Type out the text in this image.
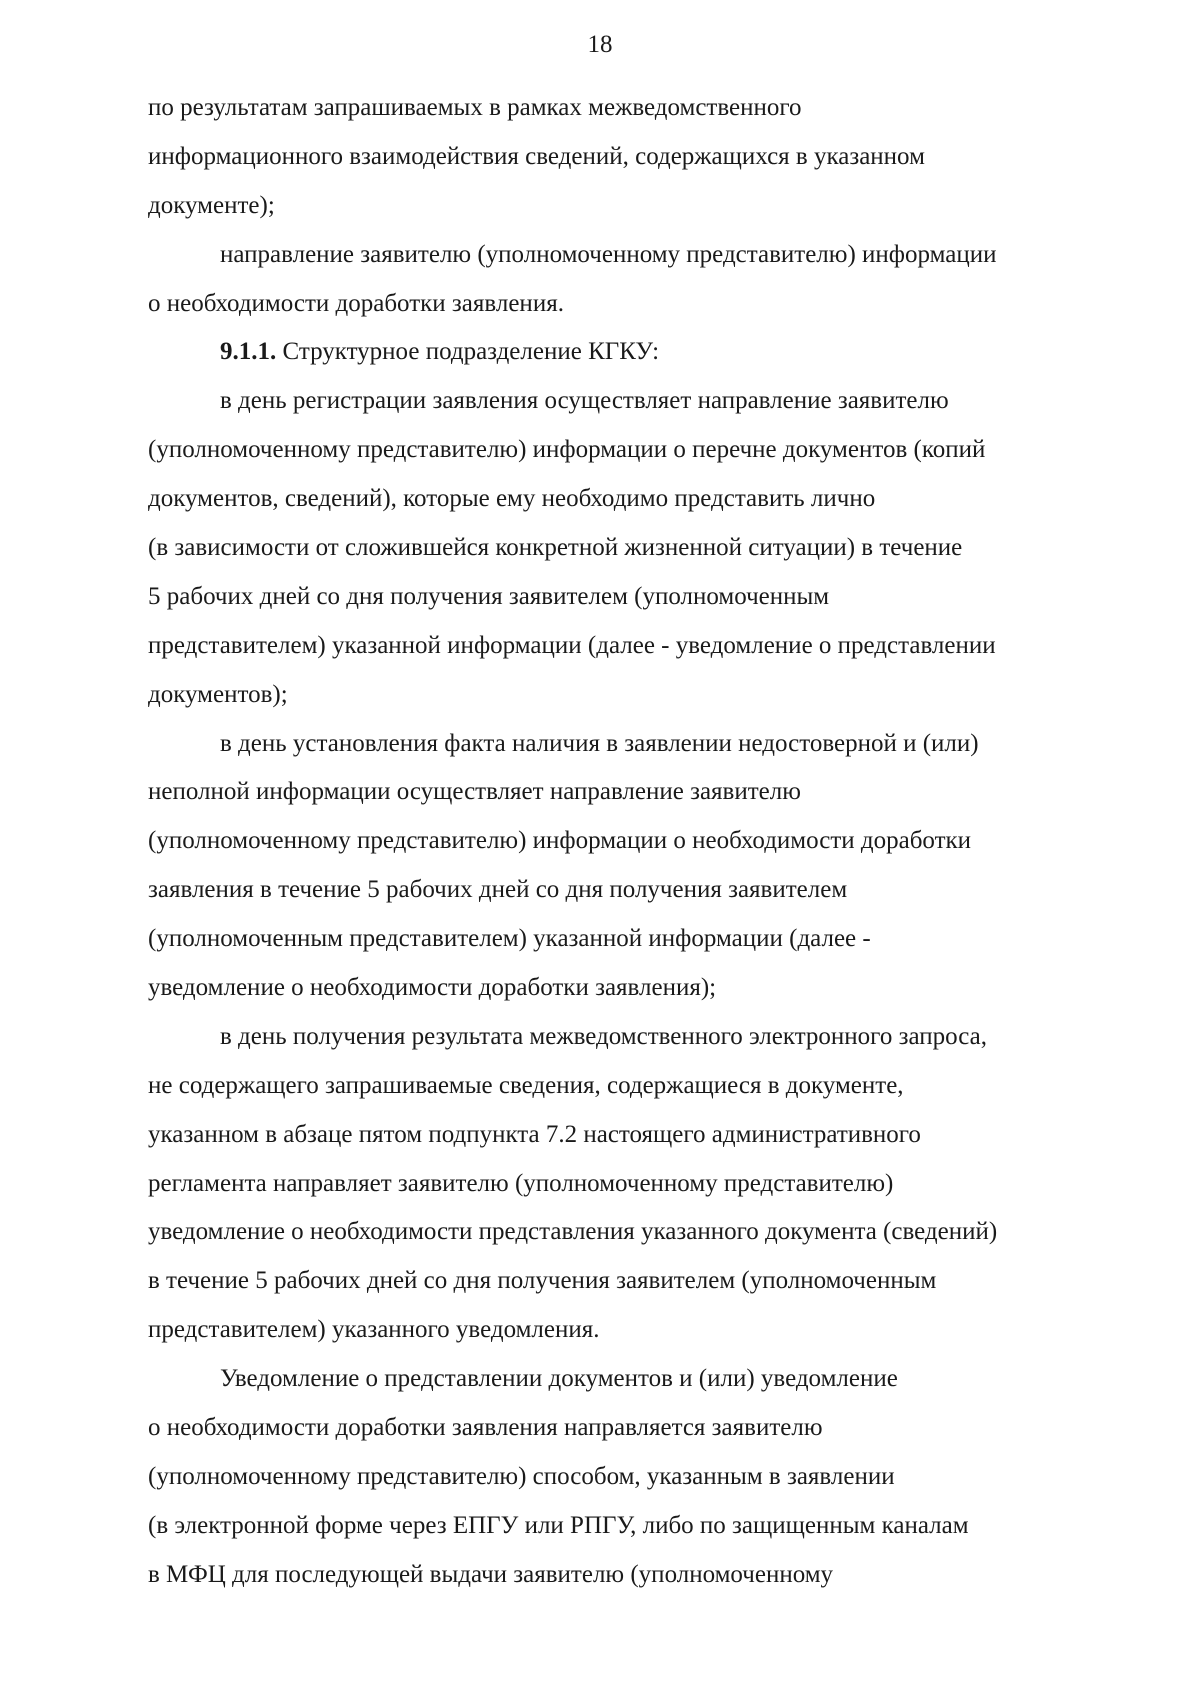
18
по результатам запрашиваемых в рамках межведомственного
информационного взаимодействия сведений, содержащихся в указанном
документе);
направление заявителю (уполномоченному представителю) информации
о необходимости доработки заявления.
9.1.1. Структурное подразделение КГКУ:
в день регистрации заявления осуществляет направление заявителю
(уполномоченному представителю) информации о перечне документов (копий
документов, сведений), которые ему необходимо представить лично
(в зависимости от сложившейся конкретной жизненной ситуации) в течение
5 рабочих дней со дня получения заявителем (уполномоченным
представителем) указанной информации (далее - уведомление о представлении
документов);
в день установления факта наличия в заявлении недостоверной и (или)
неполной информации осуществляет направление заявителю
(уполномоченному представителю) информации о необходимости доработки
заявления в течение 5 рабочих дней со дня получения заявителем
(уполномоченным представителем) указанной информации (далее -
уведомление о необходимости доработки заявления);
в день получения результата межведомственного электронного запроса,
не содержащего запрашиваемые сведения, содержащиеся в документе,
указанном в абзаце пятом подпункта 7.2 настоящего административного
регламента направляет заявителю (уполномоченному представителю)
уведомление о необходимости представления указанного документа (сведений)
в течение 5 рабочих дней со дня получения заявителем (уполномоченным
представителем) указанного уведомления.
Уведомление о представлении документов и (или) уведомление
о необходимости доработки заявления направляется заявителю
(уполномоченному представителю) способом, указанным в заявлении
(в электронной форме через ЕПГУ или РПГУ, либо по защищенным каналам
в МФЦ для последующей выдачи заявителю (уполномоченному
